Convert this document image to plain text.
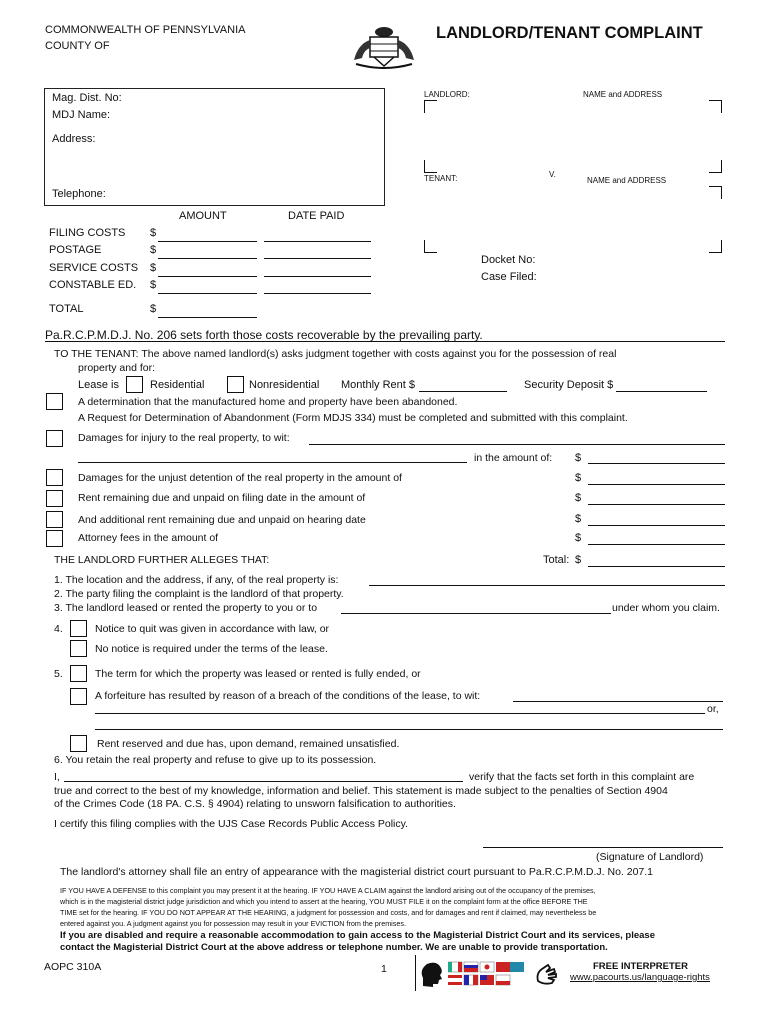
COMMONWEALTH OF PENNSYLVANIA
COUNTY OF
LANDLORD/TENANT COMPLAINT
Mag. Dist. No:
MDJ Name:
Address:
Telephone:
LANDLORD:	NAME and ADDRESS
TENANT:	V.
NAME and ADDRESS
Docket No:
Case Filed:
AMOUNT	DATE PAID
FILING COSTS $
POSTAGE	$
SERVICE COSTS $
CONSTABLE ED. $
TOTAL	$
Pa.R.C.P.M.D.J. No. 206 sets forth those costs recoverable by the prevailing party.
TO THE TENANT: The above named landlord(s) asks judgment together with costs against you for the possession of real
property and for:
Lease is	Residential	Nonresidential Monthly Rent $	Security Deposit $
A determination that the manufactured home and property have been abandoned.
A Request for Determination of Abandonment (Form MDJS 334) must be completed and submitted with this complaint.
Damages for injury to the real property, to wit:
in the amount of: $
Damages for the unjust detention of the real property in the amount of	$
Rent remaining due and unpaid on filing date in the amount of	$
And additional rent remaining due and unpaid on hearing date	$
Attorney fees in the amount of	$
THE LANDLORD FURTHER ALLEGES THAT:	Total: $
1. The location and the address, if any, of the real property is:
2. The party filing the complaint is the landlord of that property.
3. The landlord leased or rented the property to you or to	under whom you claim.
4.	Notice to quit was given in accordance with law, or
No notice is required under the terms of the lease.
5.	The term for which the property was leased or rented is fully ended, or
A forfeiture has resulted by reason of a breach of the conditions of the lease, to wit:
or,
Rent reserved and due has, upon demand, remained unsatisfied.
6. You retain the real property and refuse to give up to its possession.
I,	verify that the facts set forth in this complaint are
true and correct to the best of my knowledge, information and belief. This statement is made subject to the penalties of Section 4904
of the Crimes Code (18 PA. C.S. § 4904) relating to unsworn falsification to authorities.
I certify this filing complies with the UJS Case Records Public Access Policy.
(Signature of Landlord)
The landlord's attorney shall file an entry of appearance with the magisterial district court pursuant to Pa.R.C.P.M.D.J. No. 207.1
IF YOU HAVE A DEFENSE to this complaint you may present it at the hearing. IF YOU HAVE A CLAIM against the landlord arising out of the occupancy of the premises,
which is in the magisterial district judge jurisdiction and which you intend to assert at the hearing, YOU MUST FILE it on the complaint form at the office BEFORE THE
TIME set for the hearing. IF YOU DO NOT APPEAR AT THE HEARING, a judgment for possession and costs, and for damages and rent if claimed, may nevertheless be
entered against you. A judgment against you for possession may result in your EVICTION from the premises.
If you are disabled and require a reasonable accommodation to gain access to the Magisterial District Court and its services, please
contact the Magisterial District Court at the above address or telephone number. We are unable to provide transportation.
AOPC 310A	1	FREE INTERPRETER
www.pacourts.us/language-rights
